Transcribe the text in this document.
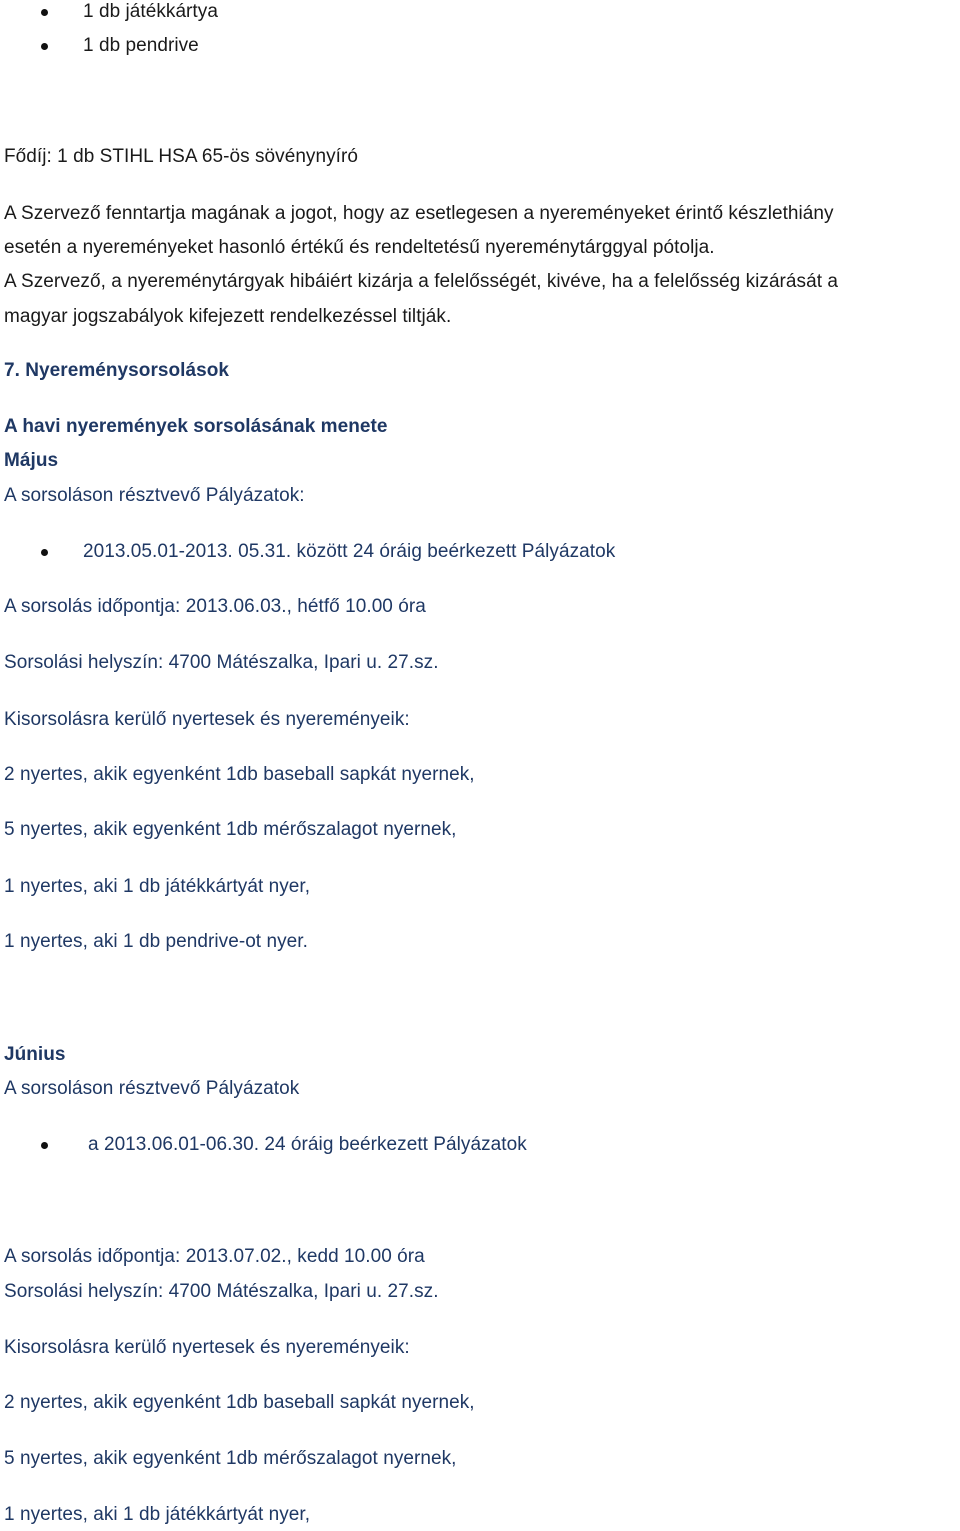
1 db játékkártya

1 db pendrive

Fődíj: 1 db STIHL HSA 65-ös sövénynyíró

A Szervező fenntartja magának a jogot, hogy az esetlegesen a nyereményeket érintő készlethiány

esetén a nyereményeket hasonló értékű és rendeltetésű nyereménytárggyal pótolja.

A Szervező, a nyereménytárgyak hibáiért kizárja a felelősségét, kivéve, ha a felelősség kizárását a

magyar jogszabályok kifejezett rendelkezéssel tiltják.

7. Nyereménysorsolások

A havi nyeremények sorsolásának menete

Május

A sorsoláson résztvevő Pályázatok:

2013.05.01-2013. 05.31. között 24 óráig beérkezett Pályázatok

A sorsolás időpontja: 2013.06.03., hétfő 10.00 óra

Sorsolási helyszín: 4700 Mátészalka, Ipari u. 27.sz.

Kisorsolásra kerülő nyertesek és nyereményeik:

2 nyertes, akik egyenként 1db baseball sapkát nyernek,

5 nyertes, akik egyenként 1db mérőszalagot nyernek,

1 nyertes, aki 1 db játékkártyát nyer,

1 nyertes, aki 1 db pendrive-ot nyer.

Június

A sorsoláson résztvevő Pályázatok

a 2013.06.01-06.30. 24 óráig beérkezett Pályázatok

A sorsolás időpontja: 2013.07.02., kedd 10.00 óra

Sorsolási helyszín: 4700 Mátészalka, Ipari u. 27.sz.

Kisorsolásra kerülő nyertesek és nyereményeik:

2 nyertes, akik egyenként 1db baseball sapkát nyernek,

5 nyertes, akik egyenként 1db mérőszalagot nyernek,

1 nyertes, aki 1 db játékkártyát nyer,
